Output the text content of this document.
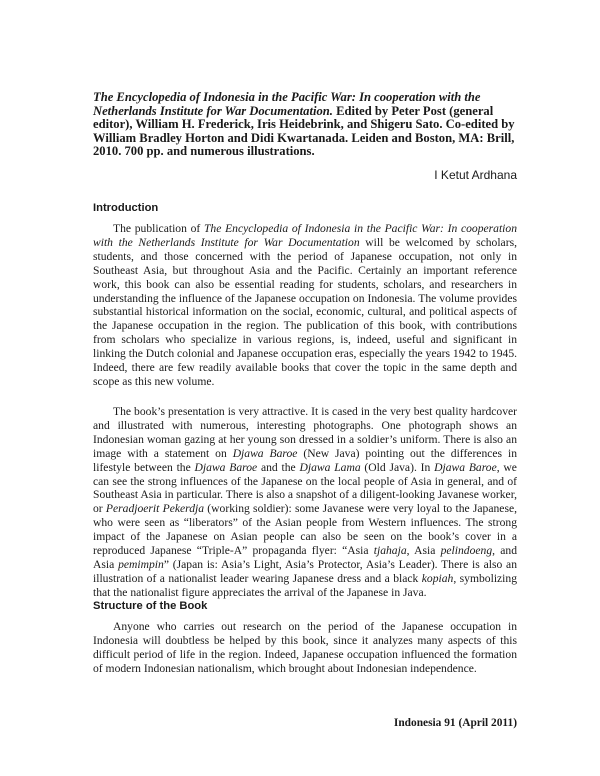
The Encyclopedia of Indonesia in the Pacific War: In cooperation with the Netherlands Institute for War Documentation. Edited by Peter Post (general editor), William H. Frederick, Iris Heidebrink, and Shigeru Sato. Co-edited by William Bradley Horton and Didi Kwartanada. Leiden and Boston, MA: Brill, 2010. 700 pp. and numerous illustrations.
I Ketut Ardhana
Introduction
The publication of The Encyclopedia of Indonesia in the Pacific War: In cooperation with the Netherlands Institute for War Documentation will be welcomed by scholars, students, and those concerned with the period of Japanese occupation, not only in Southeast Asia, but throughout Asia and the Pacific. Certainly an important reference work, this book can also be essential reading for students, scholars, and researchers in understanding the influence of the Japanese occupation on Indonesia. The volume provides substantial historical information on the social, economic, cultural, and political aspects of the Japanese occupation in the region. The publication of this book, with contributions from scholars who specialize in various regions, is, indeed, useful and significant in linking the Dutch colonial and Japanese occupation eras, especially the years 1942 to 1945. Indeed, there are few readily available books that cover the topic in the same depth and scope as this new volume.
The book’s presentation is very attractive. It is cased in the very best quality hardcover and illustrated with numerous, interesting photographs. One photograph shows an Indonesian woman gazing at her young son dressed in a soldier’s uniform. There is also an image with a statement on Djawa Baroe (New Java) pointing out the differences in lifestyle between the Djawa Baroe and the Djawa Lama (Old Java). In Djawa Baroe, we can see the strong influences of the Japanese on the local people of Asia in general, and of Southeast Asia in particular. There is also a snapshot of a diligent-looking Javanese worker, or Peradjoerit Pekerdja (working soldier): some Javanese were very loyal to the Japanese, who were seen as “liberators” of the Asian people from Western influences. The strong impact of the Japanese on Asian people can also be seen on the book’s cover in a reproduced Japanese “Triple-A” propaganda flyer: “Asia tjahaja, Asia pelindoeng, and Asia pemimpin” (Japan is: Asia’s Light, Asia’s Protector, Asia’s Leader). There is also an illustration of a nationalist leader wearing Japanese dress and a black kopiah, symbolizing that the nationalist figure appreciates the arrival of the Japanese in Java.
Structure of the Book
Anyone who carries out research on the period of the Japanese occupation in Indonesia will doubtless be helped by this book, since it analyzes many aspects of this difficult period of life in the region. Indeed, Japanese occupation influenced the formation of modern Indonesian nationalism, which brought about Indonesian independence.
Indonesia 91 (April 2011)
